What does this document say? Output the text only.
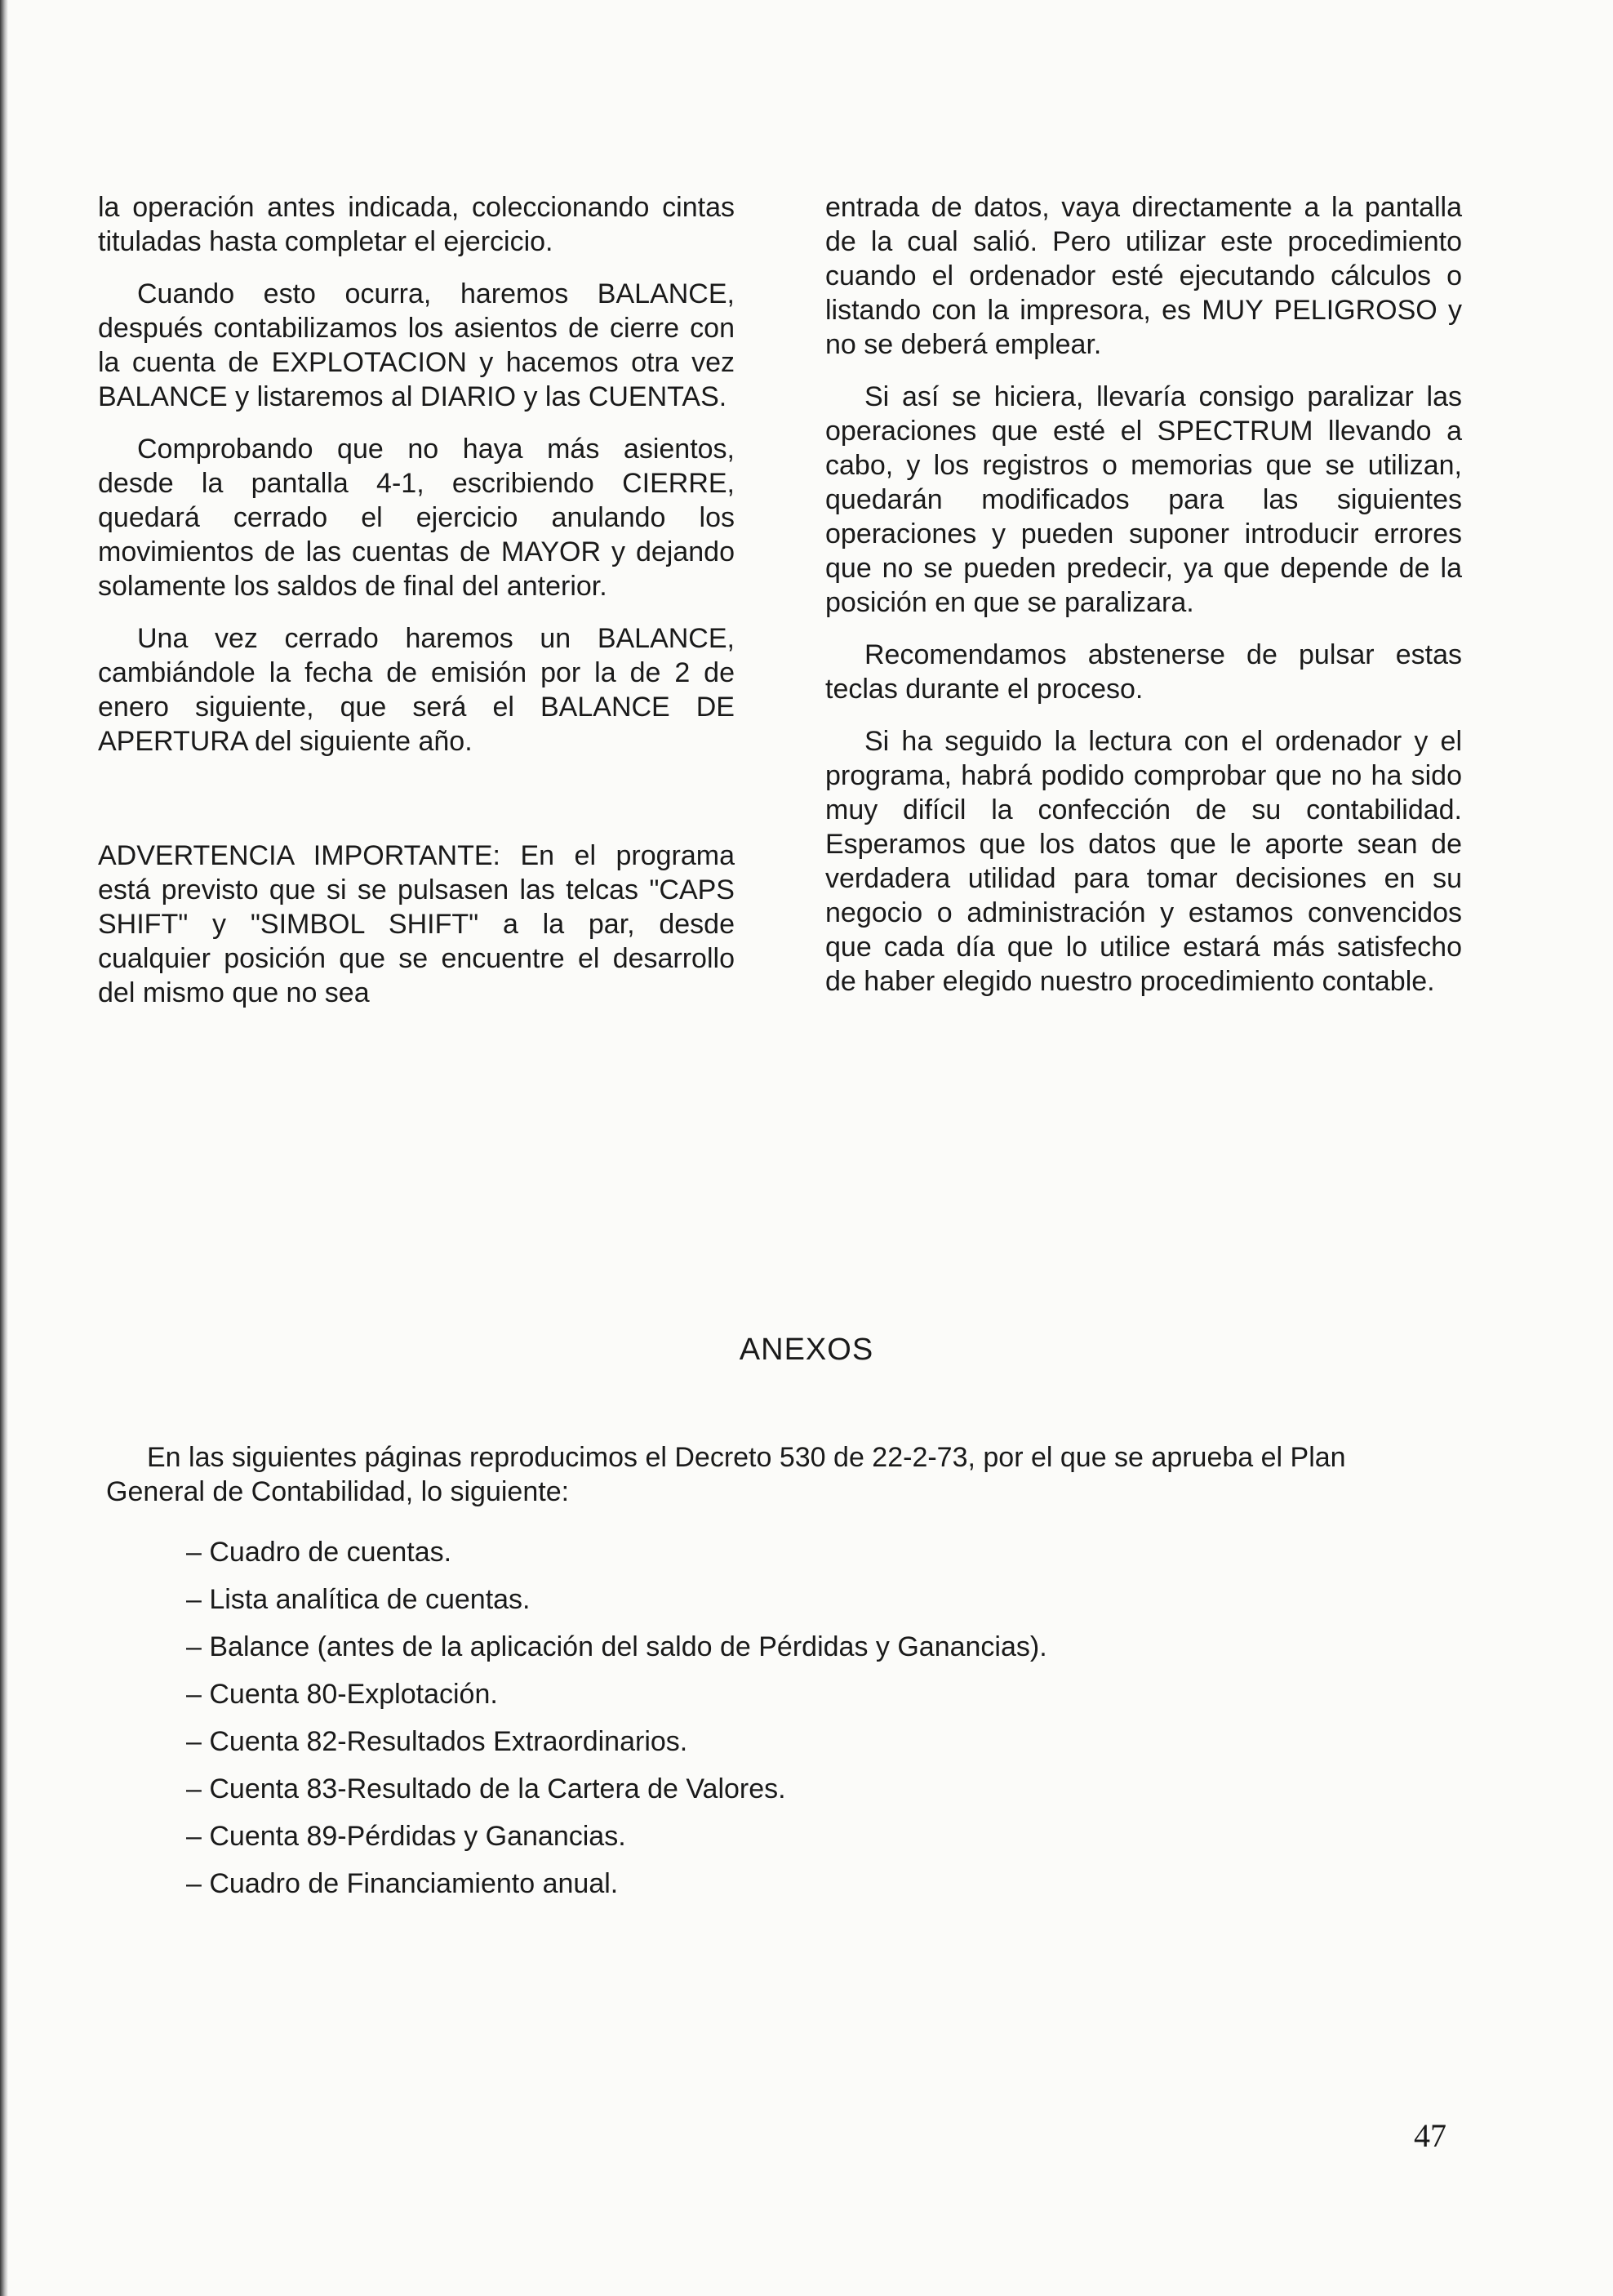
la operación antes indicada, coleccionando cintas tituladas hasta completar el ejercicio.

Cuando esto ocurra, haremos BALANCE, después contabilizamos los asientos de cierre con la cuenta de EXPLOTACION y hacemos otra vez BALANCE y listaremos al DIARIO y las CUENTAS.

Comprobando que no haya más asientos, desde la pantalla 4-1, escribiendo CIERRE, quedará cerrado el ejercicio anulando los movimientos de las cuentas de MAYOR y dejando solamente los saldos de final del anterior.

Una vez cerrado haremos un BALANCE, cambiándole la fecha de emisión por la de 2 de enero siguiente, que será el BALANCE DE APERTURA del siguiente año.

ADVERTENCIA IMPORTANTE: En el programa está previsto que si se pulsasen las telcas "CAPS SHIFT" y "SIMBOL SHIFT" a la par, desde cualquier posición que se encuentre el desarrollo del mismo que no sea

entrada de datos, vaya directamente a la pantalla de la cual salió. Pero utilizar este procedimiento cuando el ordenador esté ejecutando cálculos o listando con la impresora, es MUY PELIGROSO y no se deberá emplear.

Si así se hiciera, llevaría consigo paralizar las operaciones que esté el SPECTRUM llevando a cabo, y los registros o memorias que se utilizan, quedarán modificados para las siguientes operaciones y pueden suponer introducir errores que no se pueden predecir, ya que depende de la posición en que se paralizara.

Recomendamos abstenerse de pulsar estas teclas durante el proceso.

Si ha seguido la lectura con el ordenador y el programa, habrá podido comprobar que no ha sido muy difícil la confección de su contabilidad. Esperamos que los datos que le aporte sean de verdadera utilidad para tomar decisiones en su negocio o administración y estamos convencidos que cada día que lo utilice estará más satisfecho de haber elegido nuestro procedimiento contable.

ANEXOS

En las siguientes páginas reproducimos el Decreto 530 de 22-2-73, por el que se aprueba el Plan General de Contabilidad, lo siguiente:

– Cuadro de cuentas.
– Lista analítica de cuentas.
– Balance (antes de la aplicación del saldo de Pérdidas y Ganancias).
– Cuenta 80-Explotación.
– Cuenta 82-Resultados Extraordinarios.
– Cuenta 83-Resultado de la Cartera de Valores.
– Cuenta 89-Pérdidas y Ganancias.
– Cuadro de Financiamiento anual.
47
